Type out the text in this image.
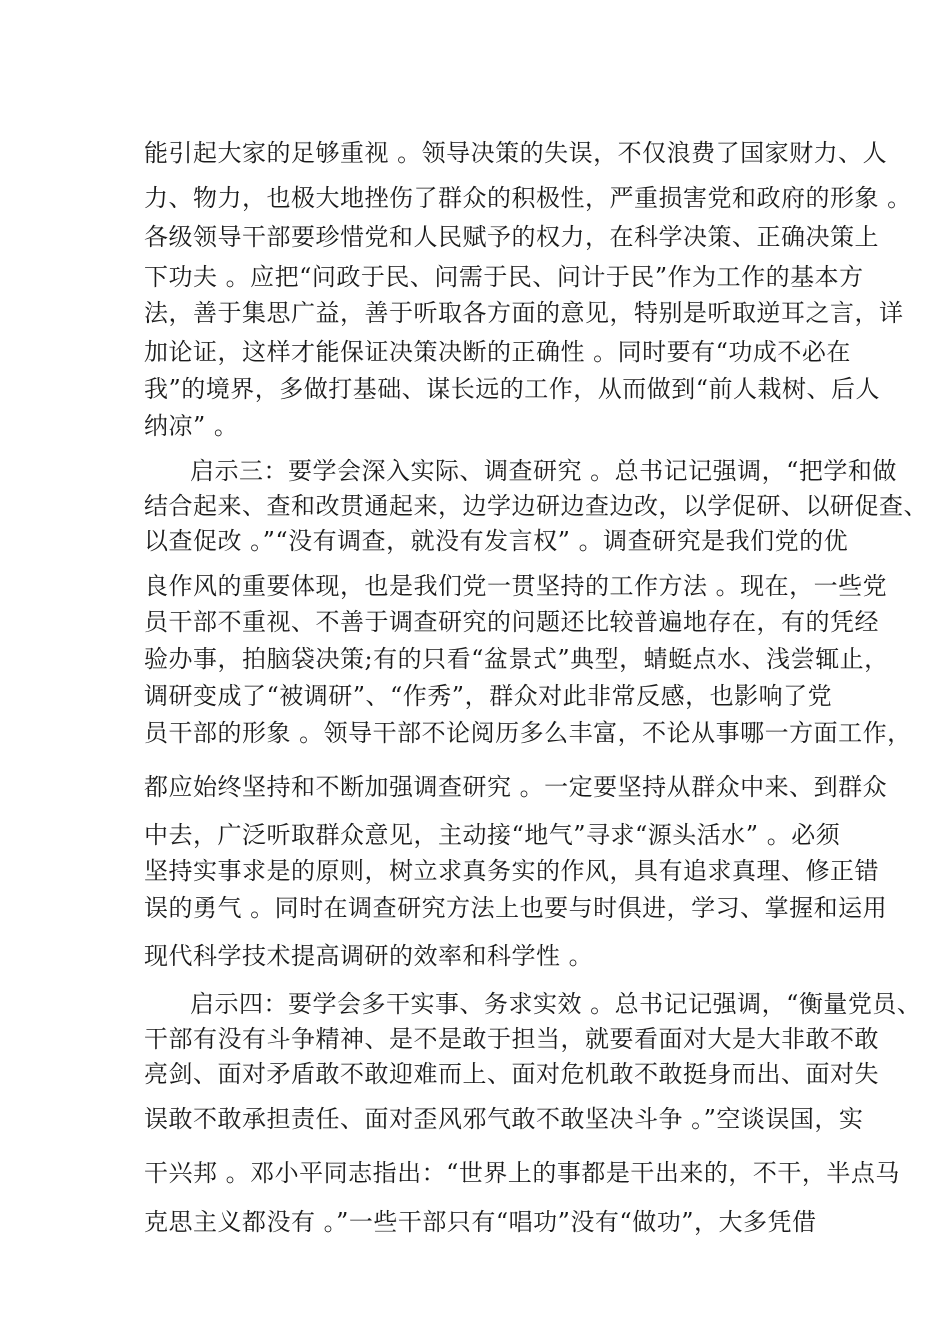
能引起大家的足够重视 。领导决策的失误，不仅浪费了国家财力、人
力、物力，也极大地挫伤了群众的积极性，严重损害党和政府的形象 。
各级领导干部要珍惜党和人民赋予的权力，在科学决策、正确决策上
下功夫 。应把“问政于民、问需于民、问计于民”作为工作的基本方
法，善于集思广益，善于听取各方面的意见，特别是听取逆耳之言，详
加论证，这样才能保证决策决断的正确性 。同时要有“功成不必在
我”的境界，多做打基础、谋长远的工作，从而做到“前人栽树、后人
纳凉” 。
启示三：要学会深入实际、调查研究 。总书记记强调，“把学和做
结合起来、查和改贯通起来，边学边研边查边改，以学促研、以研促查、
以查促改 。”“没有调查，就没有发言权” 。调查研究是我们党的优
良作风的重要体现，也是我们党一贯坚持的工作方法 。现在，一些党
员干部不重视、不善于调查研究的问题还比较普遍地存在，有的凭经
验办事，拍脑袋决策;有的只看“盆景式”典型，蜻蜓点水、浅尝辄止，
调研变成了“被调研”、“作秀”，群众对此非常反感，也影响了党
员干部的形象 。领导干部不论阅历多么丰富，不论从事哪一方面工作，
都应始终坚持和不断加强调查研究 。一定要坚持从群众中来、到群众
中去，广泛听取群众意见，主动接“地气”寻求“源头活水” 。必须
坚持实事求是的原则，树立求真务实的作风，具有追求真理、修正错
误的勇气 。同时在调查研究方法上也要与时俱进，学习、掌握和运用
现代科学技术提高调研的效率和科学性 。
启示四：要学会多干实事、务求实效 。总书记记强调，“衡量党员、
干部有没有斗争精神、是不是敢于担当，就要看面对大是大非敢不敢
亮剑、面对矛盾敢不敢迎难而上、面对危机敢不敢挺身而出、面对失
误敢不敢承担责任、面对歪风邪气敢不敢坚决斗争 。”空谈误国，实
干兴邦 。邓小平同志指出：“世界上的事都是干出来的，不干，半点马
克思主义都没有 。”一些干部只有“唱功”没有“做功”，大多凭借
